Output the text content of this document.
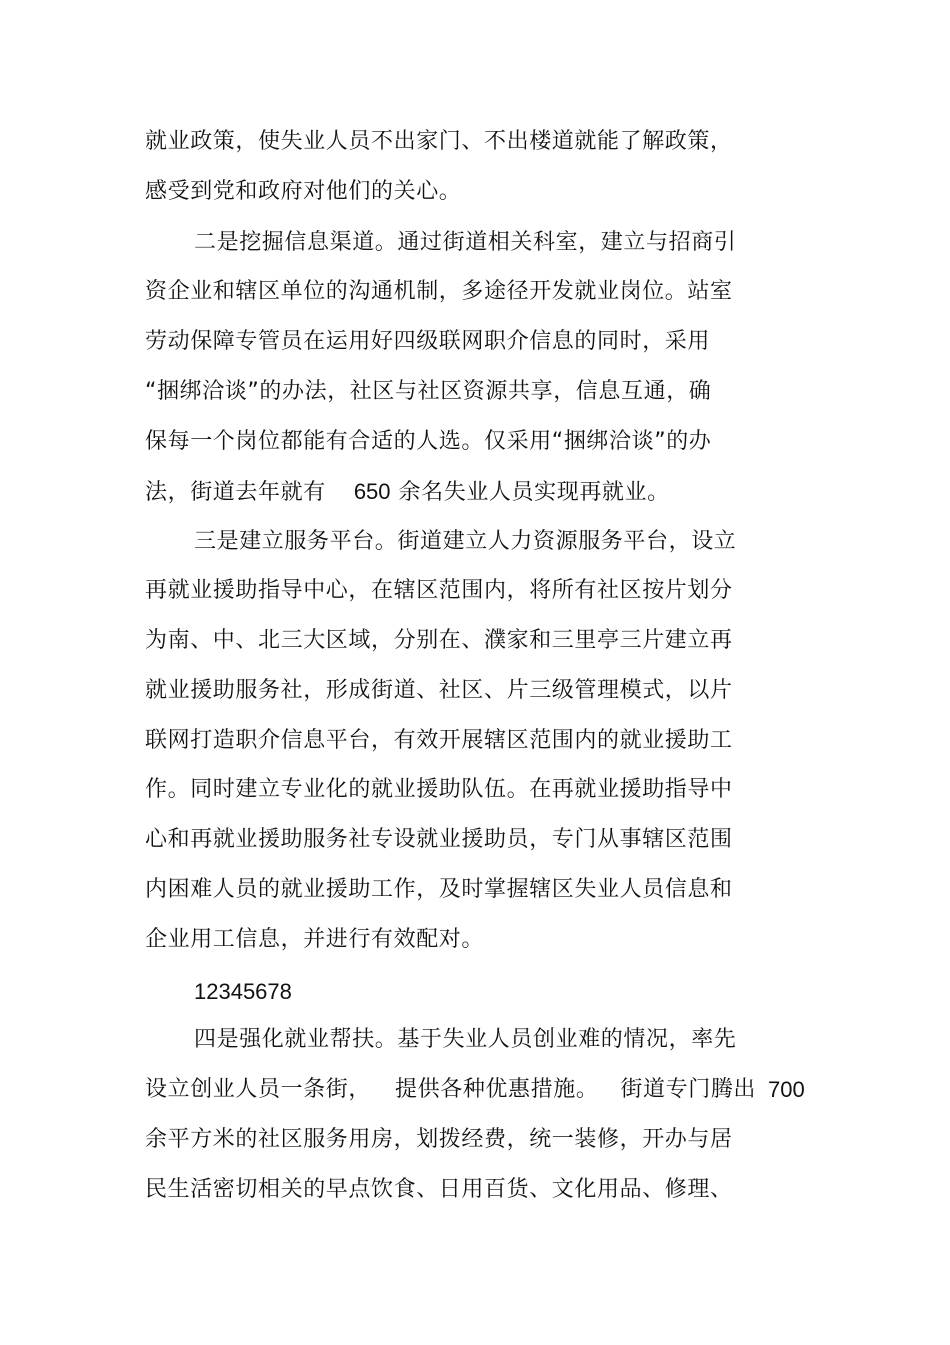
就业政策，使失业人员不出家门、不出楼道就能了解政策，
感受到党和政府对他们的关心。
二是挖掘信息渠道。通过街道相关科室，建立与招商引
资企业和辖区单位的沟通机制，多途径开发就业岗位。站室
劳动保障专管员在运用好四级联网职介信息的同时，采用
“捆绑洽谈”的办法，社区与社区资源共享，信息互通，确
保每一个岗位都能有合适的人选。仅采用“捆绑洽谈”的办
法，街道去年就有 650 余名失业人员实现再就业。
三是建立服务平台。街道建立人力资源服务平台，设立
再就业援助指导中心，在辖区范围内，将所有社区按片划分
为南、中、北三大区域，分别在、濮家和三里亭三片建立再
就业援助服务社，形成街道、社区、片三级管理模式，以片
联网打造职介信息平台，有效开展辖区范围内的就业援助工
作。同时建立专业化的就业援助队伍。在再就业援助指导中
心和再就业援助服务社专设就业援助员，专门从事辖区范围
内困难人员的就业援助工作，及时掌握辖区失业人员信息和
企业用工信息，并进行有效配对。
12345678
四是强化就业帮扶。基于失业人员创业难的情况，率先
设立创业人员一条街， 提供各种优惠措施。 街道专门腾出 700
余平方米的社区服务用房，划拨经费，统一装修，开办与居
民生活密切相关的早点饮食、日用百货、文化用品、修理、
